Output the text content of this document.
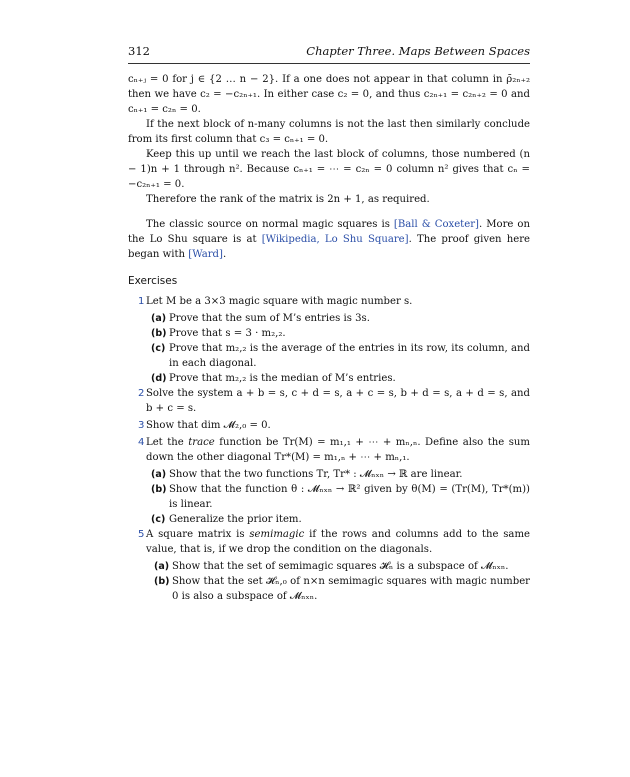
312	Chapter Three. Maps Between Spaces

cₙ₊ⱼ = 0 for j ∈ {2 … n − 2}. If a one does not appear in that column in ρ̄₂ₙ₊₂ then we have c₂ = −c₂ₙ₊₁. In either case c₂ = 0, and thus c₂ₙ₊₁ = c₂ₙ₊₂ = 0 and cₙ₊₁ = c₂ₙ = 0.

If the next block of n-many columns is not the last then similarly conclude from its first column that c₃ = cₙ₊₁ = 0.

Keep this up until we reach the last block of columns, those numbered (n − 1)n + 1 through n². Because cₙ₊₁ = ⋯ = c₂ₙ = 0 column n² gives that cₙ = −c₂ₙ₊₁ = 0.

Therefore the rank of the matrix is 2n + 1, as required.

The classic source on normal magic squares is [Ball & Coxeter]. More on the Lo Shu square is at [Wikipedia, Lo Shu Square]. The proof given here began with [Ward].

Exercises
1 Let M be a 3×3 magic square with magic number s.
(a) Prove that the sum of M’s entries is 3s.
(b) Prove that s = 3 · m₂,₂.
(c) Prove that m₂,₂ is the average of the entries in its row, its column, and in each diagonal.
(d) Prove that m₂,₂ is the median of M’s entries.
2 Solve the system a + b = s, c + d = s, a + c = s, b + d = s, a + d = s, and b + c = s.
3 Show that dim 𝓜₂,₀ = 0.
4 Let the trace function be Tr(M) = m₁,₁ + ⋯ + mₙ,ₙ. Define also the sum down the other diagonal Tr*(M) = m₁,ₙ + ⋯ + mₙ,₁.
(a) Show that the two functions Tr, Tr* : 𝓜ₙₓₙ → ℝ are linear.
(b) Show that the function θ : 𝓜ₙₓₙ → ℝ² given by θ(M) = (Tr(M), Tr*(m)) is linear.
(c) Generalize the prior item.
5 A square matrix is semimagic if the rows and columns add to the same value, that is, if we drop the condition on the diagonals.
(a) Show that the set of semimagic squares 𝓗ₙ is a subspace of 𝓜ₙₓₙ.
(b) Show that the set 𝓗ₙ,₀ of n×n semimagic squares with magic number 0 is also a subspace of 𝓜ₙₓₙ.
